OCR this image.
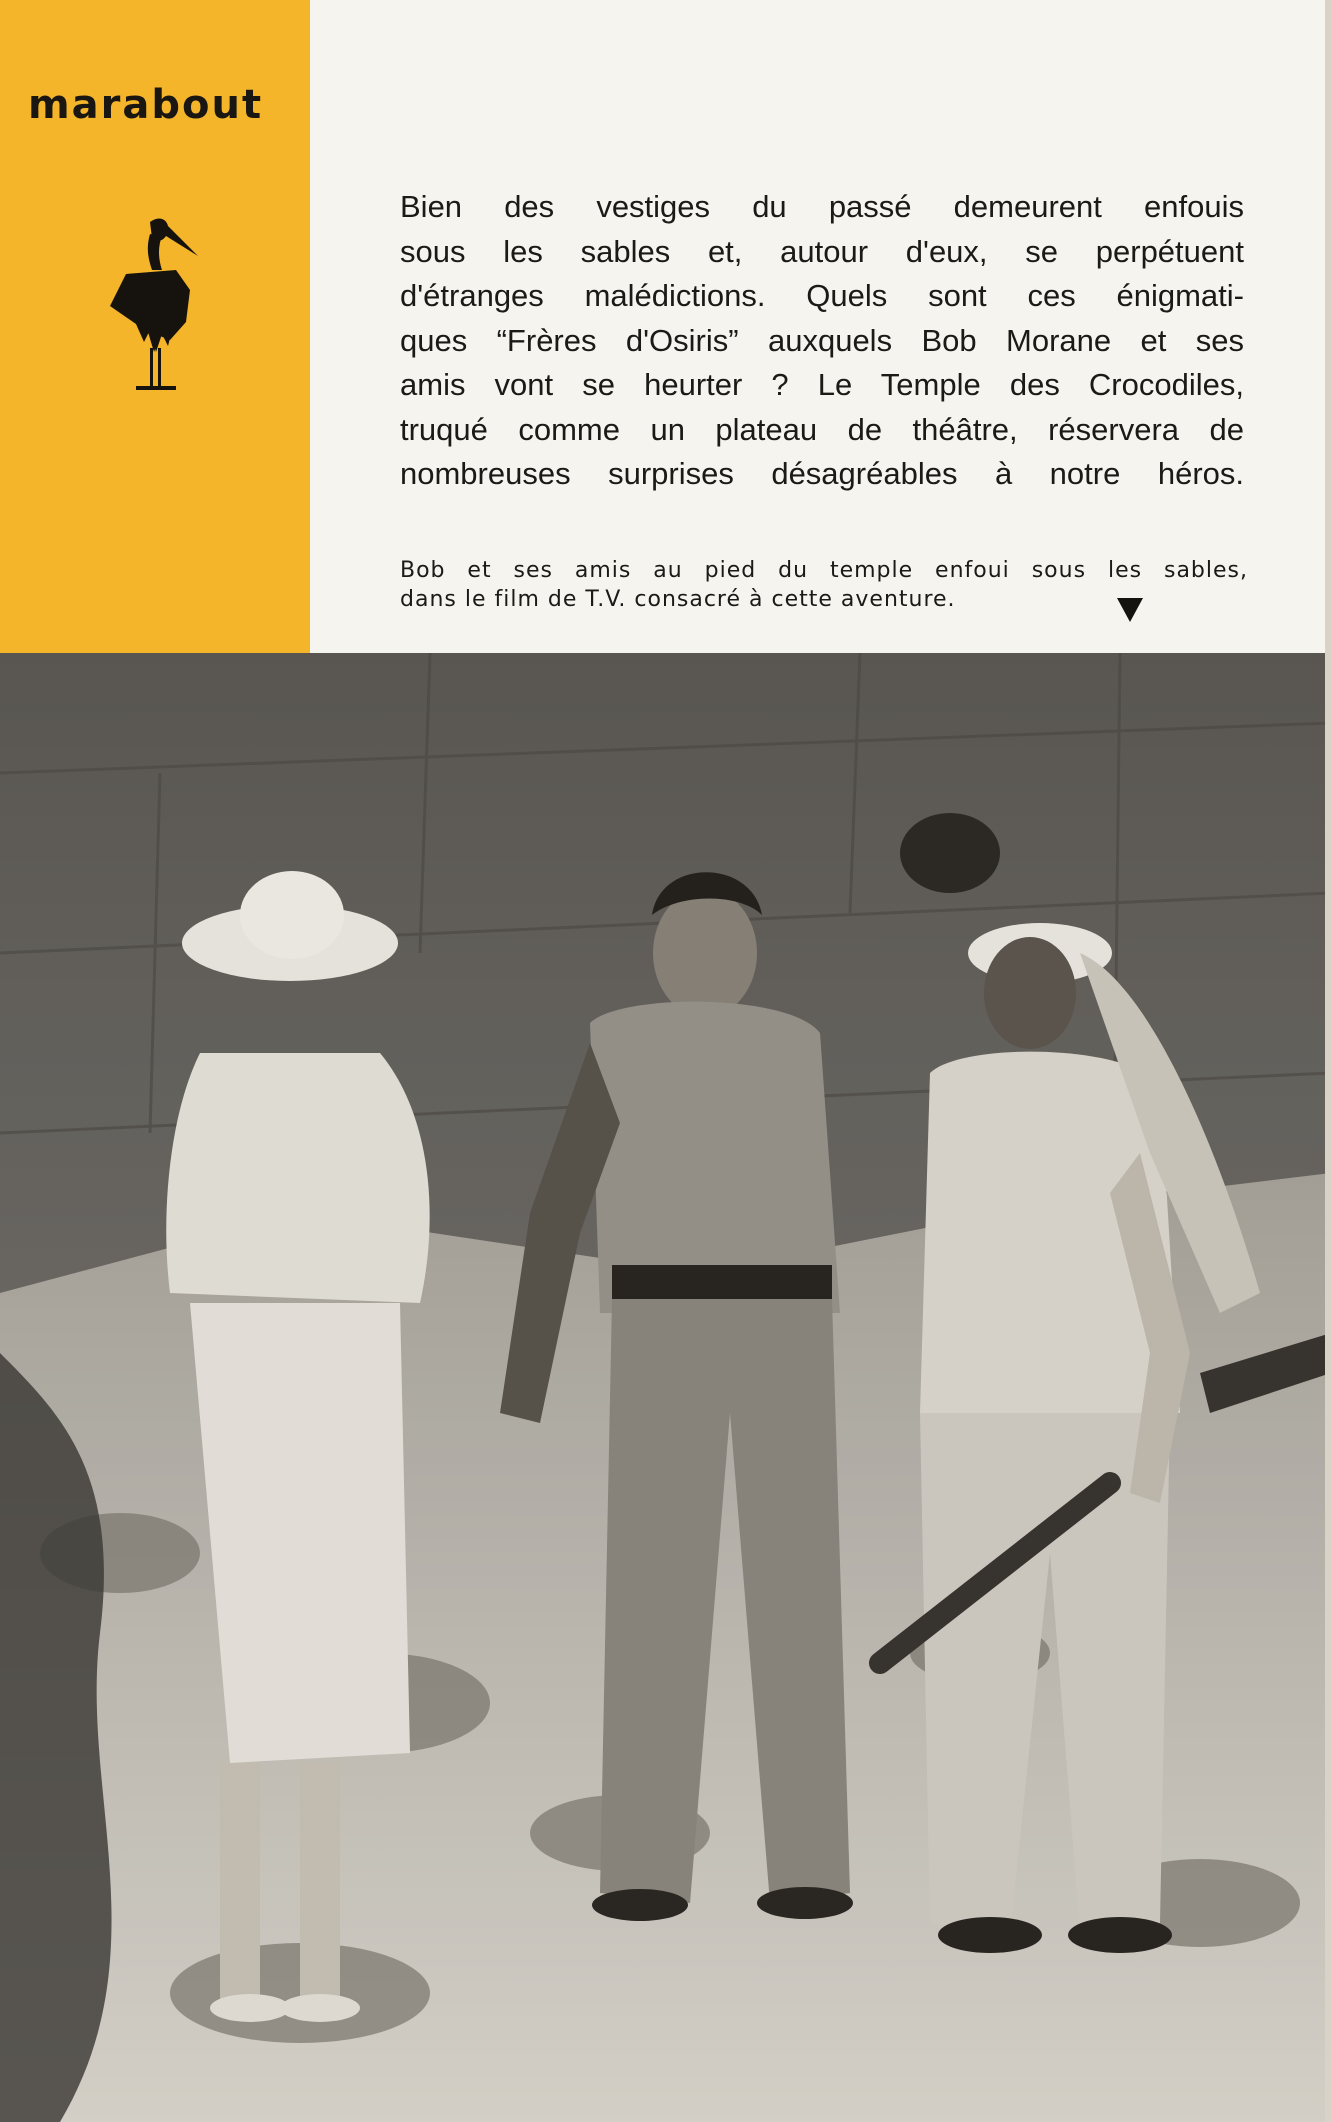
marabout
Bien des vestiges du passé demeurent enfouis
sous les sables et, autour d'eux, se perpétuent
d'étranges malédictions. Quels sont ces énigmati-
ques “Frères d'Osiris” auxquels Bob Morane et ses
amis vont se heurter ? Le Temple des Crocodiles,
truqué comme un plateau de théâtre, réservera de
nombreuses surprises désagréables à notre héros.
Bob et ses amis au pied du temple enfoui sous les sables,
dans le film de T.V. consacré à cette aventure.
